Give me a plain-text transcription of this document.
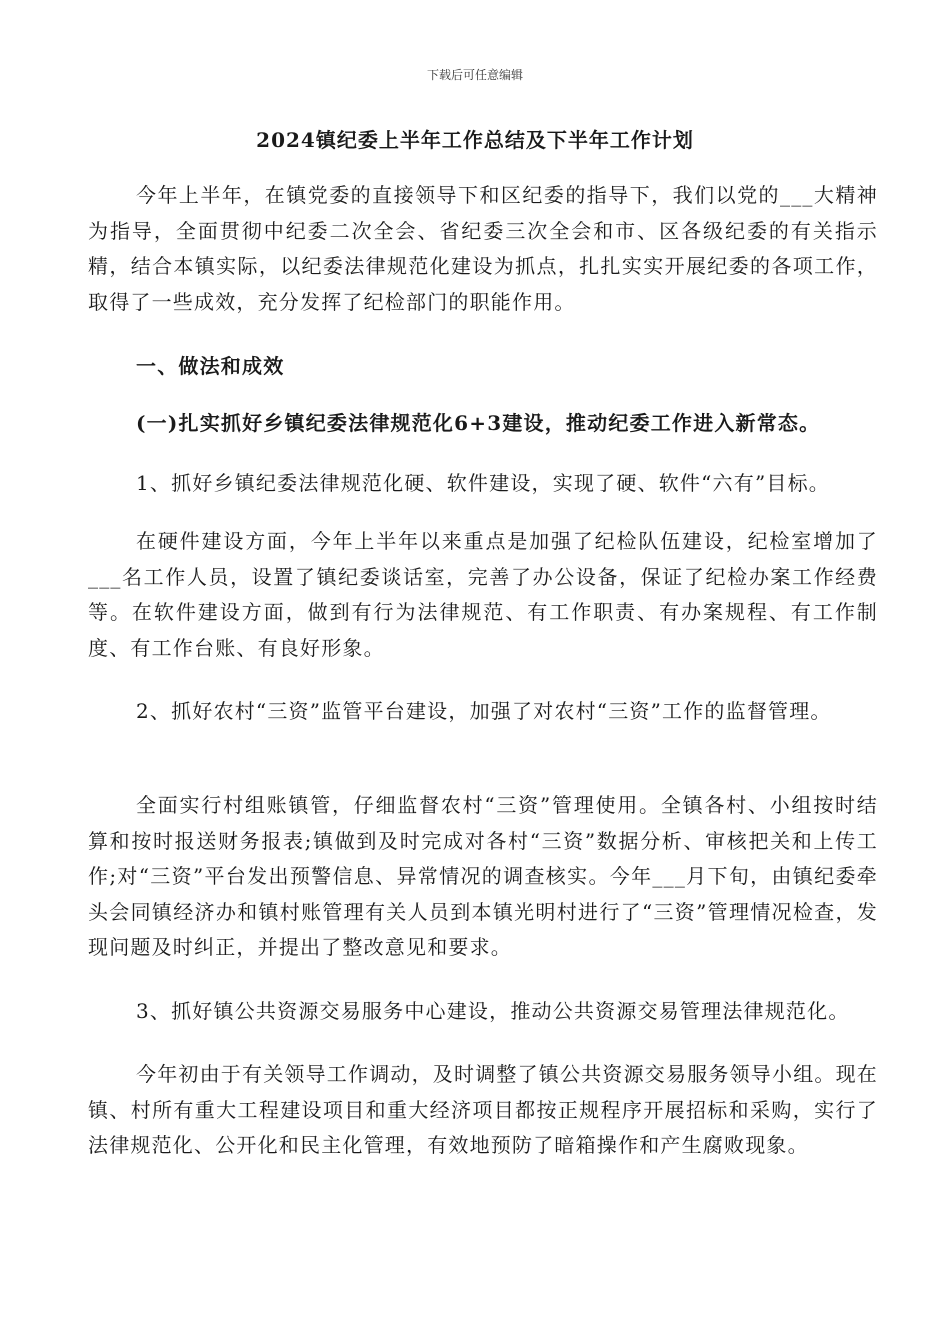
下载后可任意编辑
2024镇纪委上半年工作总结及下半年工作计划

今年上半年，在镇党委的直接领导下和区纪委的指导下，我们以党的___大精神为指导，全面贯彻中纪委二次全会、省纪委三次全会和市、区各级纪委的有关指示精，结合本镇实际，以纪委法律规范化建设为抓点，扎扎实实开展纪委的各项工作，取得了一些成效，充分发挥了纪检部门的职能作用。

一、做法和成效

(一)扎实抓好乡镇纪委法律规范化6+3建设，推动纪委工作进入新常态。

1、抓好乡镇纪委法律规范化硬、软件建设，实现了硬、软件“六有”目标。

在硬件建设方面，今年上半年以来重点是加强了纪检队伍建设，纪检室增加了___名工作人员，设置了镇纪委谈话室，完善了办公设备，保证了纪检办案工作经费等。在软件建设方面，做到有行为法律规范、有工作职责、有办案规程、有工作制度、有工作台账、有良好形象。

2、抓好农村“三资”监管平台建设，加强了对农村“三资”工作的监督管理。

全面实行村组账镇管，仔细监督农村“三资”管理使用。全镇各村、小组按时结算和按时报送财务报表;镇做到及时完成对各村“三资”数据分析、审核把关和上传工作;对“三资”平台发出预警信息、异常情况的调查核实。今年___月下旬，由镇纪委牵头会同镇经济办和镇村账管理有关人员到本镇光明村进行了“三资”管理情况检查，发现问题及时纠正，并提出了整改意见和要求。

3、抓好镇公共资源交易服务中心建设，推动公共资源交易管理法律规范化。

今年初由于有关领导工作调动，及时调整了镇公共资源交易服务领导小组。现在镇、村所有重大工程建设项目和重大经济项目都按正规程序开展招标和采购，实行了法律规范化、公开化和民主化管理，有效地预防了暗箱操作和产生腐败现象。
